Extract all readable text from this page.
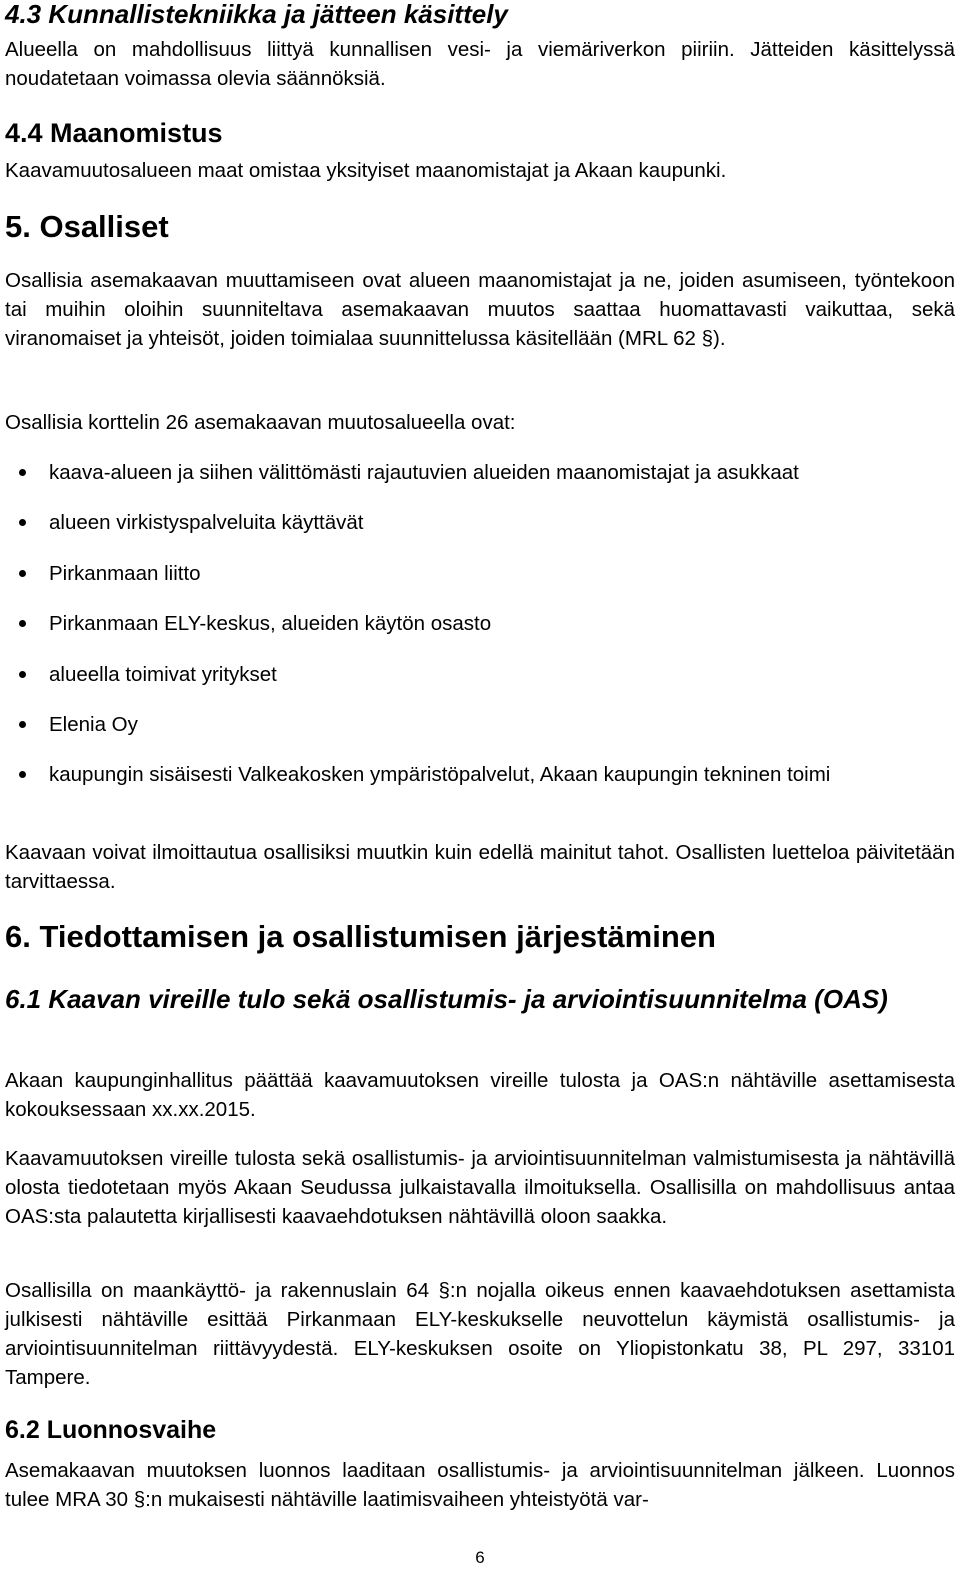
4.3 Kunnallistekniikka ja jätteen käsittely

Alueella on mahdollisuus liittyä kunnallisen vesi- ja viemäriverkon piiriin. Jätteiden käsittelyssä noudatetaan voimassa olevia säännöksiä.

4.4 Maanomistus

Kaavamuutosalueen maat omistaa yksityiset maanomistajat ja Akaan kaupunki.

5. Osalliset

Osallisia asemakaavan muuttamiseen ovat alueen maanomistajat ja ne, joiden asumiseen, työntekoon tai muihin oloihin suunniteltava asemakaavan muutos saattaa huomattavasti vaikuttaa, sekä viranomaiset ja yhteisöt, joiden toimialaa suunnittelussa käsitellään (MRL 62 §).

Osallisia korttelin 26 asemakaavan muutosalueella ovat:

kaava-alueen ja siihen välittömästi rajautuvien alueiden maanomistajat ja asukkaat
alueen virkistyspalveluita käyttävät
Pirkanmaan liitto
Pirkanmaan ELY-keskus, alueiden käytön osasto
alueella toimivat yritykset
Elenia Oy
kaupungin sisäisesti Valkeakosken ympäristöpalvelut, Akaan kaupungin tekninen toimi

Kaavaan voivat ilmoittautua osallisiksi muutkin kuin edellä mainitut tahot. Osallisten luetteloa päivitetään tarvittaessa.

6. Tiedottamisen ja osallistumisen järjestäminen
6.1 Kaavan vireille tulo sekä osallistumis- ja arviointisuunnitelma (OAS)

Akaan kaupunginhallitus päättää kaavamuutoksen vireille tulosta ja OAS:n nähtäville asettamisesta kokouksessaan xx.xx.2015.

Kaavamuutoksen vireille tulosta sekä osallistumis- ja arviointisuunnitelman valmistumisesta ja nähtävillä olosta tiedotetaan myös Akaan Seudussa julkaistavalla ilmoituksella. Osallisilla on mahdollisuus antaa OAS:sta palautetta kirjallisesti kaavaehdotuksen nähtävillä oloon saakka.

Osallisilla on maankäyttö- ja rakennuslain 64 §:n nojalla oikeus ennen kaavaehdotuksen asettamista julkisesti nähtäville esittää Pirkanmaan ELY-keskukselle neuvottelun käymistä osallistumis- ja arviointisuunnitelman riittävyydestä. ELY-keskuksen osoite on Yliopistonkatu 38, PL 297, 33101 Tampere.

6.2 Luonnosvaihe

Asemakaavan muutoksen luonnos laaditaan osallistumis- ja arviointisuunnitelman jälkeen. Luonnos tulee MRA 30 §:n mukaisesti nähtäville laatimisvaiheen yhteistyötä var-

6
